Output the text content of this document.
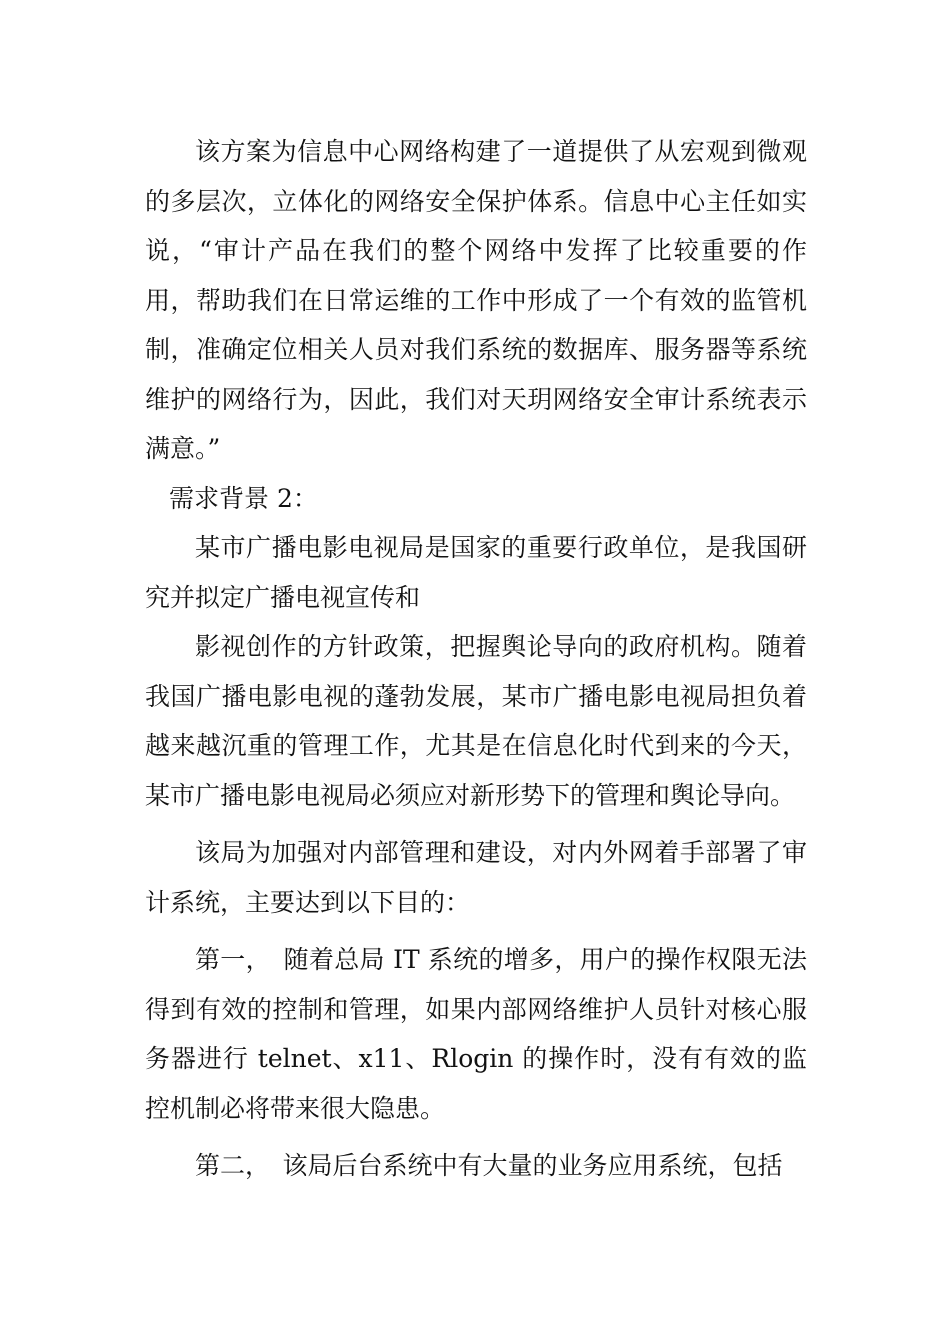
该方案为信息中心网络构建了一道提供了从宏观到微观的多层次，立体化的网络安全保护体系。信息中心主任如实说，“审计产品在我们的整个网络中发挥了比较重要的作用，帮助我们在日常运维的工作中形成了一个有效的监管机制，准确定位相关人员对我们系统的数据库、服务器等系统维护的网络行为，因此，我们对天玥网络安全审计系统表示满意。”

需求背景 2：

某市广播电影电视局是国家的重要行政单位，是我国研究并拟定广播电视宣传和

影视创作的方针政策，把握舆论导向的政府机构。随着我国广播电影电视的蓬勃发展，某市广播电影电视局担负着越来越沉重的管理工作，尤其是在信息化时代到来的今天，某市广播电影电视局必须应对新形势下的管理和舆论导向。

该局为加强对内部管理和建设，对内外网着手部署了审计系统，主要达到以下目的：

第一，　随着总局 IT 系统的增多，用户的操作权限无法得到有效的控制和管理，如果内部网络维护人员针对核心服务器进行 telnet、x11、Rlogin 的操作时，没有有效的监控机制必将带来很大隐患。

第二，　该局后台系统中有大量的业务应用系统，包括
